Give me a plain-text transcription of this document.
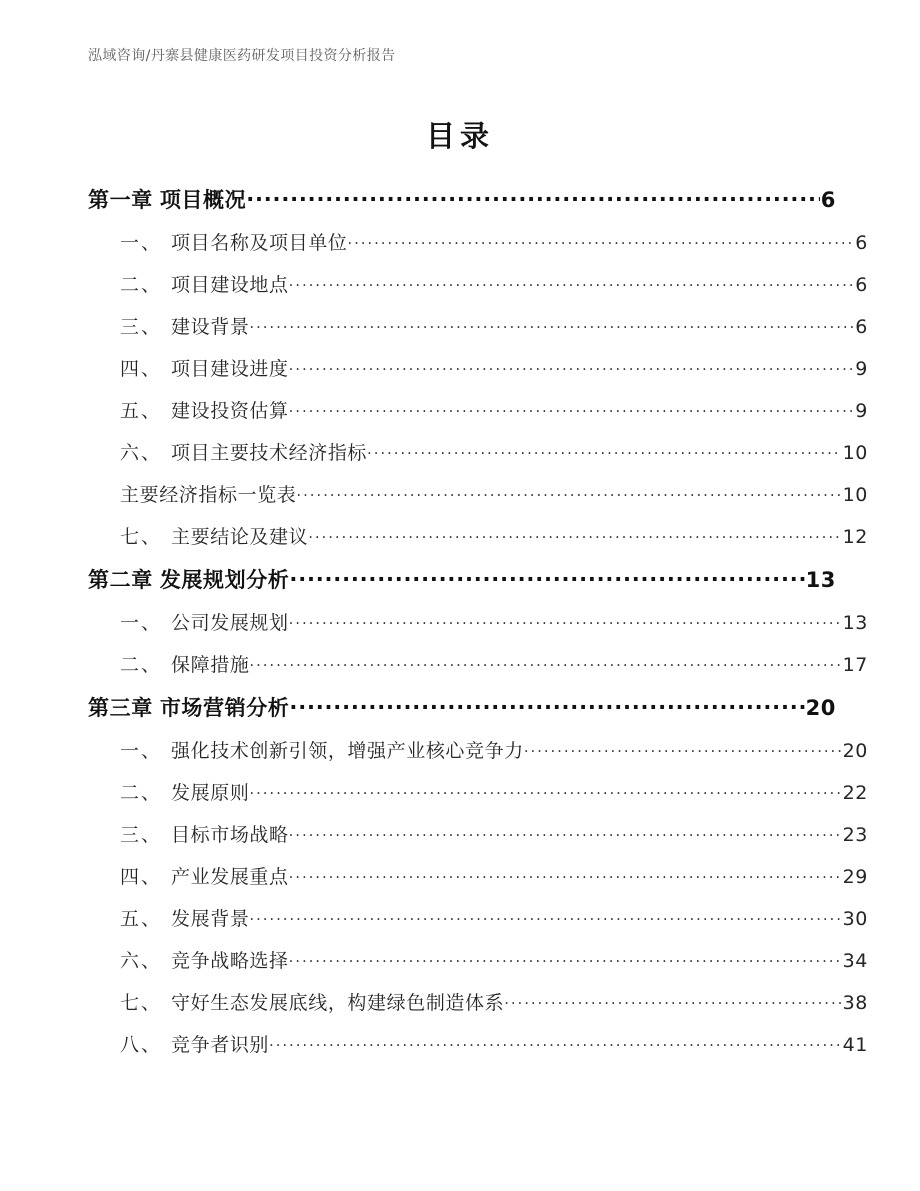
泓域咨询/丹寨县健康医药研发项目投资分析报告
目录
第一章 项目概况 .....	6
一、 项目名称及项目单位 .....	6
二、 项目建设地点 .....	6
三、 建设背景 .....	6
四、 项目建设进度 .....	9
五、 建设投资估算 .....	9
六、 项目主要技术经济指标 .....	10
主要经济指标一览表 .....	10
七、 主要结论及建议 .....	12
第二章 发展规划分析 .....	13
一、 公司发展规划 .....	13
二、 保障措施 .....	17
第三章 市场营销分析 .....	20
一、 强化技术创新引领，增强产业核心竞争力 .....	20
二、 发展原则 .....	22
三、 目标市场战略 .....	23
四、 产业发展重点 .....	29
五、 发展背景 .....	30
六、 竞争战略选择 .....	34
七、 守好生态发展底线，构建绿色制造体系 .....	38
八、 竞争者识别 .....	41
